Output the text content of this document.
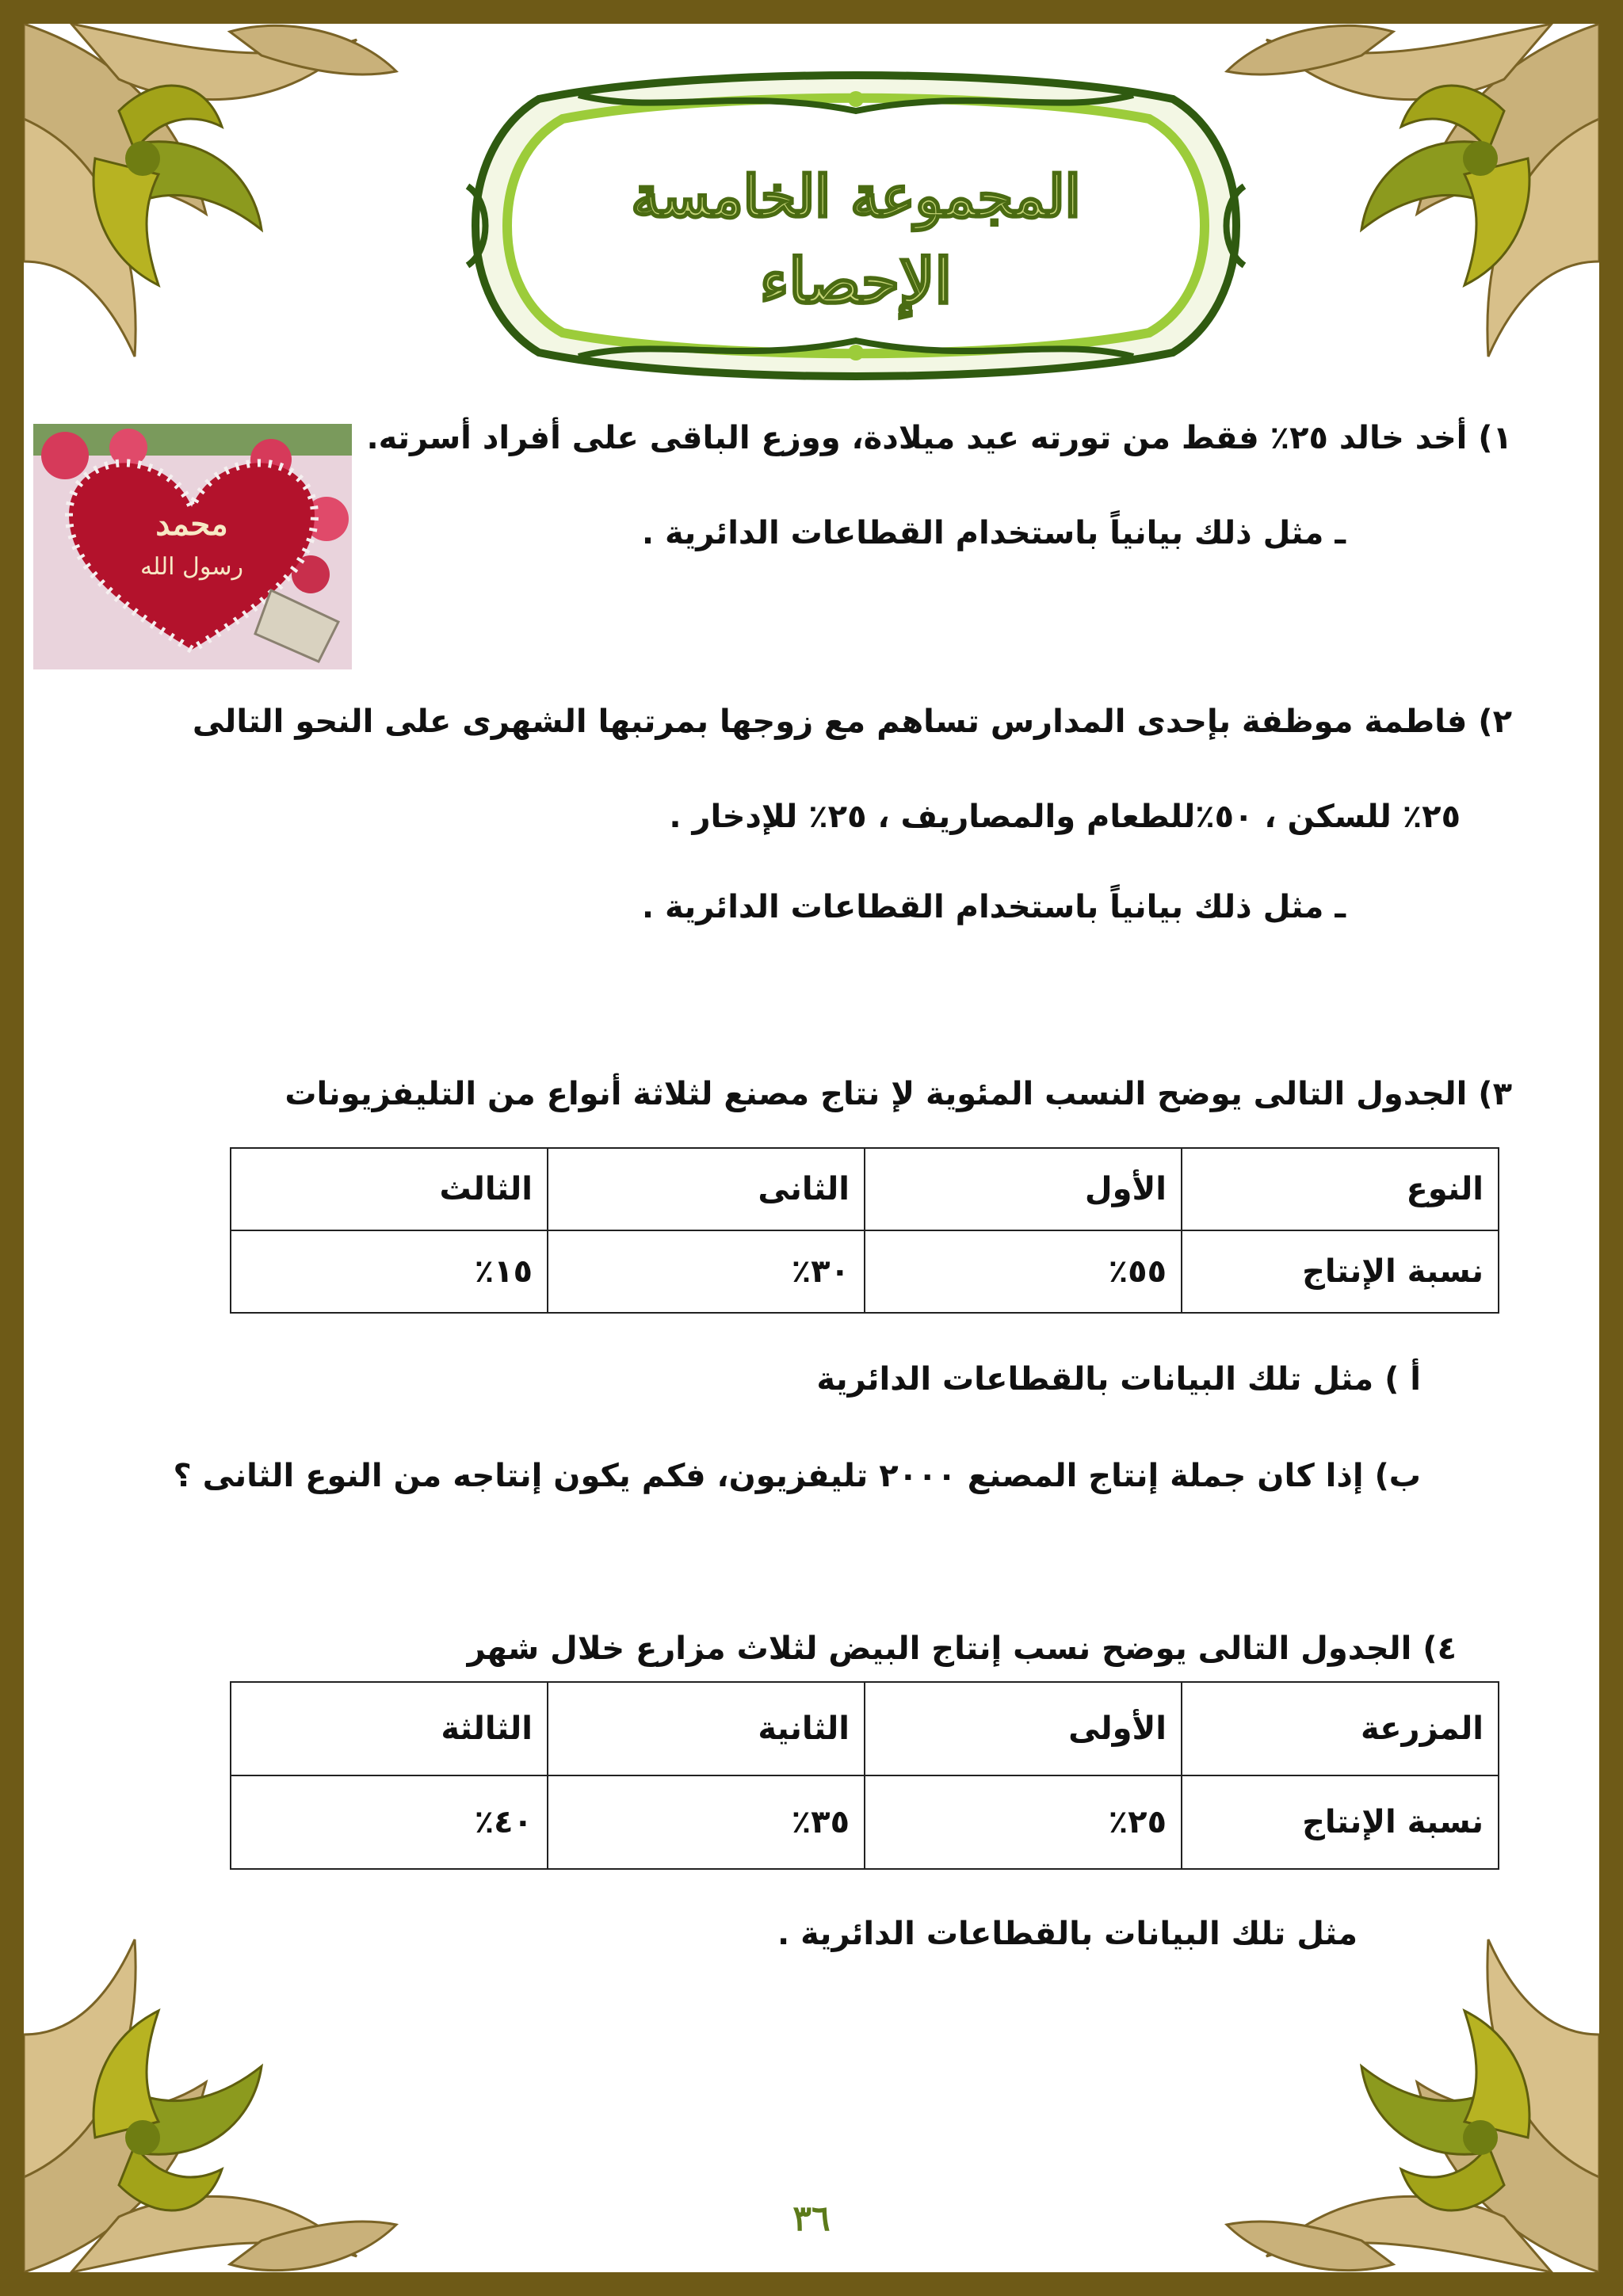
المجموعة الخامسة
الإحصاء
محمد
رسول الله
١) أخد خالد ٢٥٪ فقط من تورته عيد ميلادة، ووزع الباقى على أفراد أسرته.
ـ مثل ذلك بيانياً باستخدام القطاعات الدائرية .
٢) فاطمة موظفة بإحدى المدارس تساهم مع زوجها بمرتبها الشهرى على النحو التالى
٢٥٪ للسكن ، ٥٠٪للطعام والمصاريف ، ٢٥٪ للإدخار .
ـ مثل ذلك بيانياً باستخدام القطاعات الدائرية .
٣) الجدول التالى يوضح النسب المئوية لإ نتاج مصنع لثلاثة أنواع من التليفزيونات
النوع	الأول	الثانى	الثالث
نسبة الإنتاج	٥٥٪	٣٠٪	١٥٪
أ ) مثل تلك البيانات بالقطاعات الدائرية
ب) إذا كان جملة إنتاج المصنع ٢٠٠٠ تليفزيون، فكم يكون إنتاجه من النوع الثانى ؟
٤) الجدول التالى يوضح نسب إنتاج البيض لثلاث مزارع خلال شهر
المزرعة	الأولى	الثانية	الثالثة
نسبة الإنتاج	٢٥٪	٣٥٪	٤٠٪
مثل تلك البيانات بالقطاعات الدائرية .
٣٦
